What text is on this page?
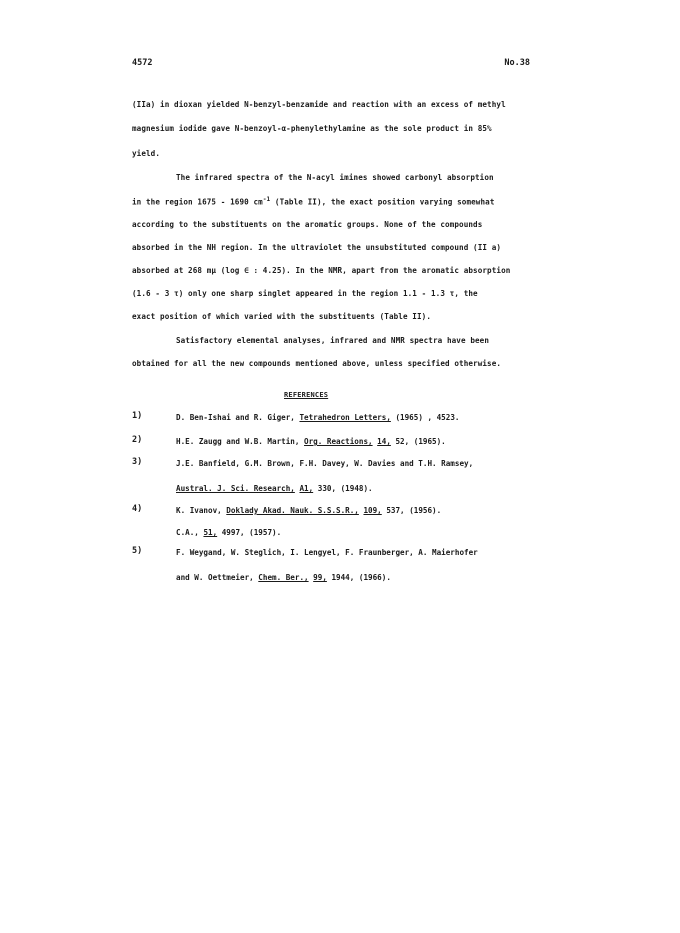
4572	No.38
(IIa) in dioxan yielded N-benzyl-benzamide and reaction with an excess of methyl
magnesium iodide gave N-benzoyl-α-phenylethylamine as the sole product in 85%
yield.
The infrared spectra of the N-acyl imines showed carbonyl absorption
in the region 1675 - 1690 $cm^{-1}$ (Table II), the exact position varying somewhat
according to the substituents on the aromatic groups. None of the compounds
absorbed in the NH region. In the ultraviolet the unsubstituted compound (II a)
absorbed at 268 mμ (log ∈ : 4.25). In the NMR, apart from the aromatic absorption
(1.6 - 3 τ) only one sharp singlet appeared in the region 1.1 - 1.3 τ, the
exact position of which varied with the substituents (Table II).
Satisfactory elemental analyses, infrared and NMR spectra have been
obtained for all the new compounds mentioned above, unless specified otherwise.
REFERENCES
1)	D. Ben-Ishai and R. Giger, Tetrahedron Letters, (1965) , 4523.
2)	H.E. Zaugg and W.B. Martin, Org. Reactions, 14, 52, (1965).
3)	J.E. Banfield, G.M. Brown, F.H. Davey, W. Davies and T.H. Ramsey,
Austral. J. Sci. Research, A1, 330, (1948).
4)	K. Ivanov, Doklady Akad. Nauk. S.S.S.R., 109, 537, (1956).
C.A., 51, 4997, (1957).
5)	F. Weygand, W. Steglich, I. Lengyel, F. Fraunberger, A. Maierhofer
and W. Oettmeier, Chem. Ber., 99, 1944, (1966).
